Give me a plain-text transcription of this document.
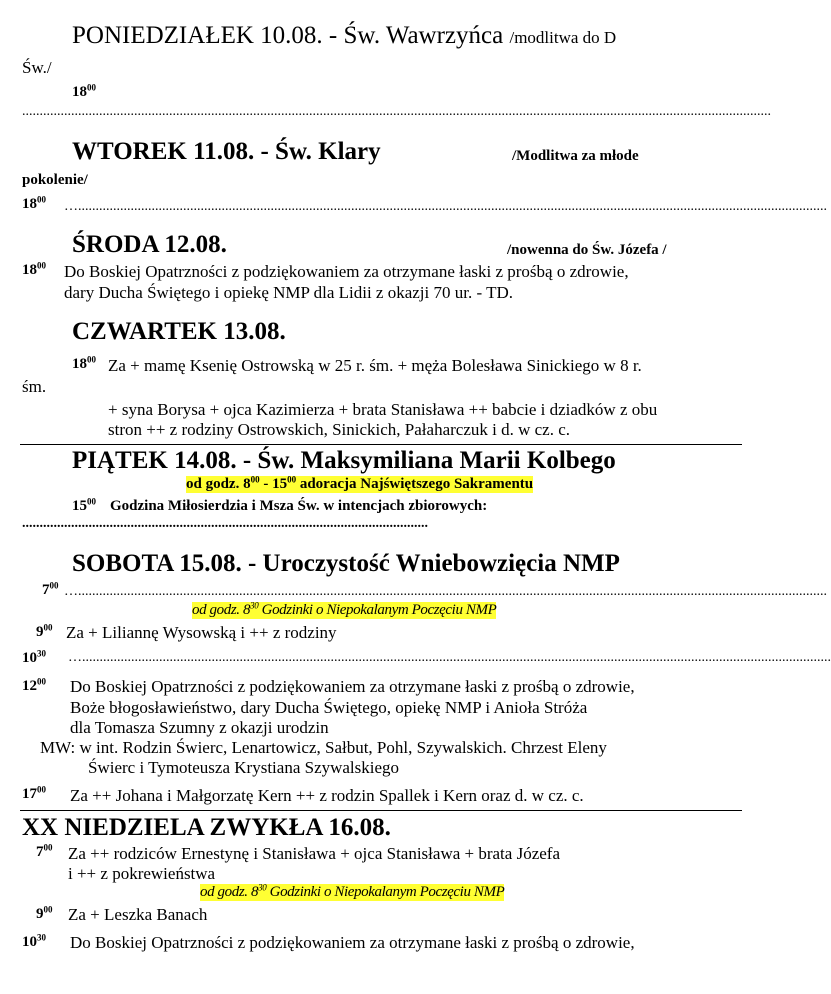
PONIEDZIAŁEK 10.08. - Św. Wawrzyńca /modlitwa do D
Św./
$18^{00}$
......................................................................................................................................................................................................................
WTOREK 11.08. - Św. Klary	/Modlitwa za młode
pokolenie/
$18^{00}$ …......................................................................................................................................................................................................................
ŚRODA 12.08.	/nowenna do Św. Józefa /
$18^{00}$ Do Boskiej Opatrzności z podziękowaniem za otrzymane łaski z prośbą o zdrowie,
dary Ducha Świętego i opiekę NMP dla Lidii z okazji 70 ur. - TD.
CZWARTEK 13.08.
$18^{00}$ Za + mamę Ksenię Ostrowską w 25 r. śm. + męża Bolesława Sinickiego w 8 r.
śm.
+ syna Borysa + ojca Kazimierza + brata Stanisława ++ babcie i dziadków z obu
stron ++ z rodziny Ostrowskich, Sinickich, Pałaharczuk i d. w cz. c.
PIĄTEK 14.08. - Św. Maksymiliana Marii Kolbego
od godz. $8^{00} - 15^{00}$ adoracja Najświętszego Sakramentu
$15^{00}$ Godzina Miłosierdzia i Msza Św. w intencjach zbiorowych:
....................................................................................................................
SOBOTA 15.08. - Uroczystość Wniebowzięcia NMP
$7^{00}$ …......................................................................................................................................................................................................................
od godz. $8^{30}$ Godzinki o Niepokalanym Poczęciu NMP
$9^{00}$ Za + Liliannę Wysowską i ++ z rodziny
$10^{30}$ …......................................................................................................................................................................................................................
$12^{00}$ Do Boskiej Opatrzności z podziękowaniem za otrzymane łaski z prośbą o zdrowie,
Boże błogosławieństwo, dary Ducha Świętego, opiekę NMP i Anioła Stróża
dla Tomasza Szumny z okazji urodzin
MW: w int. Rodzin Świerc, Lenartowicz, Sałbut, Pohl, Szywalskich. Chrzest Eleny
Świerc i Tymoteusza Krystiana Szywalskiego
$17^{00}$ Za ++ Johana i Małgorzatę Kern ++ z rodzin Spallek i Kern oraz d. w cz. c.
XX NIEDZIELA ZWYKŁA 16.08.
$7^{00}$ Za ++ rodziców Ernestynę i Stanisława + ojca Stanisława + brata Józefa
i ++ z pokrewieństwa
od godz. $8^{30}$ Godzinki o Niepokalanym Poczęciu NMP
$9^{00}$ Za + Leszka Banach
$10^{30}$ Do Boskiej Opatrzności z podziękowaniem za otrzymane łaski z prośbą o zdrowie,
